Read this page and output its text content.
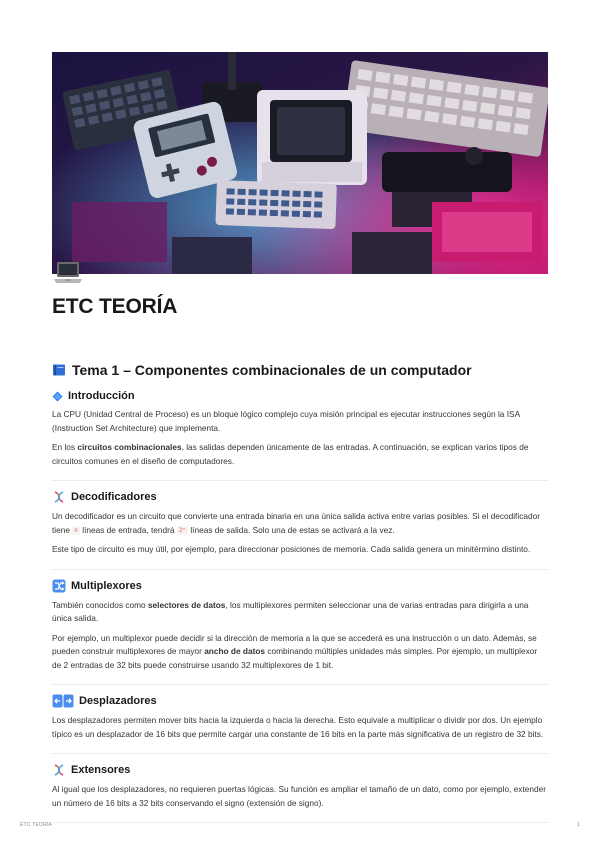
ETC TEORÍA
Tema 1 – Componentes combinacionales de un computador
Introducción

La CPU (Unidad Central de Proceso) es un bloque lógico complejo cuya misión principal es ejecutar instrucciones según la ISA (Instruction Set Architecture) que implementa.

En los circuitos combinacionales, las salidas dependen únicamente de las entradas. A continuación, se explican varios tipos de circuitos comunes en el diseño de computadores.

Decodificadores

Un decodificador es un circuito que convierte una entrada binaria en una única salida activa entre varias posibles. Si el decodificador tiene n líneas de entrada, tendrá 2ⁿ líneas de salida. Solo una de estas se activará a la vez.

Este tipo de circuito es muy útil, por ejemplo, para direccionar posiciones de memoria. Cada salida genera un minitérmino distinto.

Multiplexores

También conocidos como selectores de datos, los multiplexores permiten seleccionar una de varias entradas para dirigirla a una única salida.

Por ejemplo, un multiplexor puede decidir si la dirección de memoria a la que se accederá es una instrucción o un dato. Además, se pueden construir multiplexores de mayor ancho de datos combinando múltiples unidades más simples. Por ejemplo, un multiplexor de 2 entradas de 32 bits puede construirse usando 32 multiplexores de 1 bit.

Desplazadores

Los desplazadores permiten mover bits hacia la izquierda o hacia la derecha. Esto equivale a multiplicar o dividir por dos. Un ejemplo típico es un desplazador de 16 bits que permite cargar una constante de 16 bits en la parte más significativa de un registro de 32 bits.

Extensores

Al igual que los desplazadores, no requieren puertas lógicas. Su función es ampliar el tamaño de un dato, como por ejemplo, extender un número de 16 bits a 32 bits conservando el signo (extensión de signo).

ETC TEORÍA	1
